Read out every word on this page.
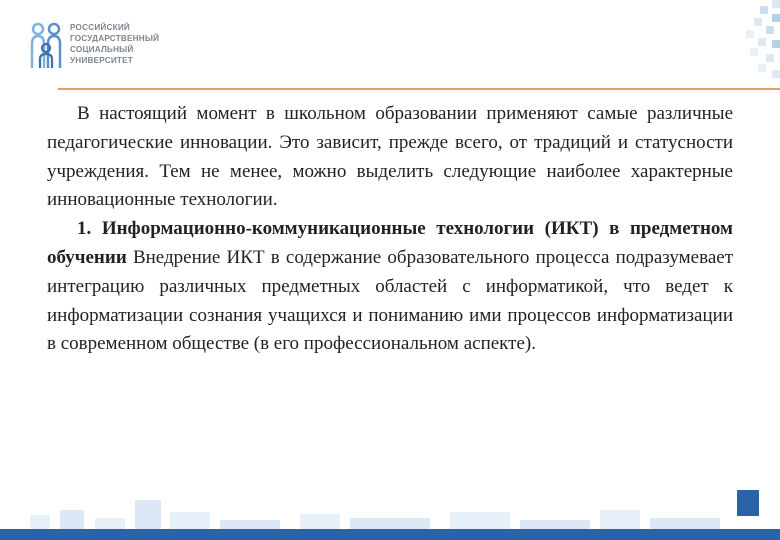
РОССИЙСКИЙ
ГОСУДАРСТВЕННЫЙ
СОЦИАЛЬНЫЙ
УНИВЕРСИТЕТ

В настоящий момент в школьном образовании применяют самые различные педагогические инновации. Это зависит, прежде всего, от традиций и статусности учреждения. Тем не менее, можно выделить следующие наиболее характерные инновационные технологии.

1. Информационно-коммуникационные технологии (ИКТ) в предметном обучении Внедрение ИКТ в содержание образовательного процесса подразумевает интеграцию различных предметных областей с информатикой, что ведет к информатизации сознания учащихся и пониманию ими процессов информатизации в современном обществе (в его профессиональном аспекте).
